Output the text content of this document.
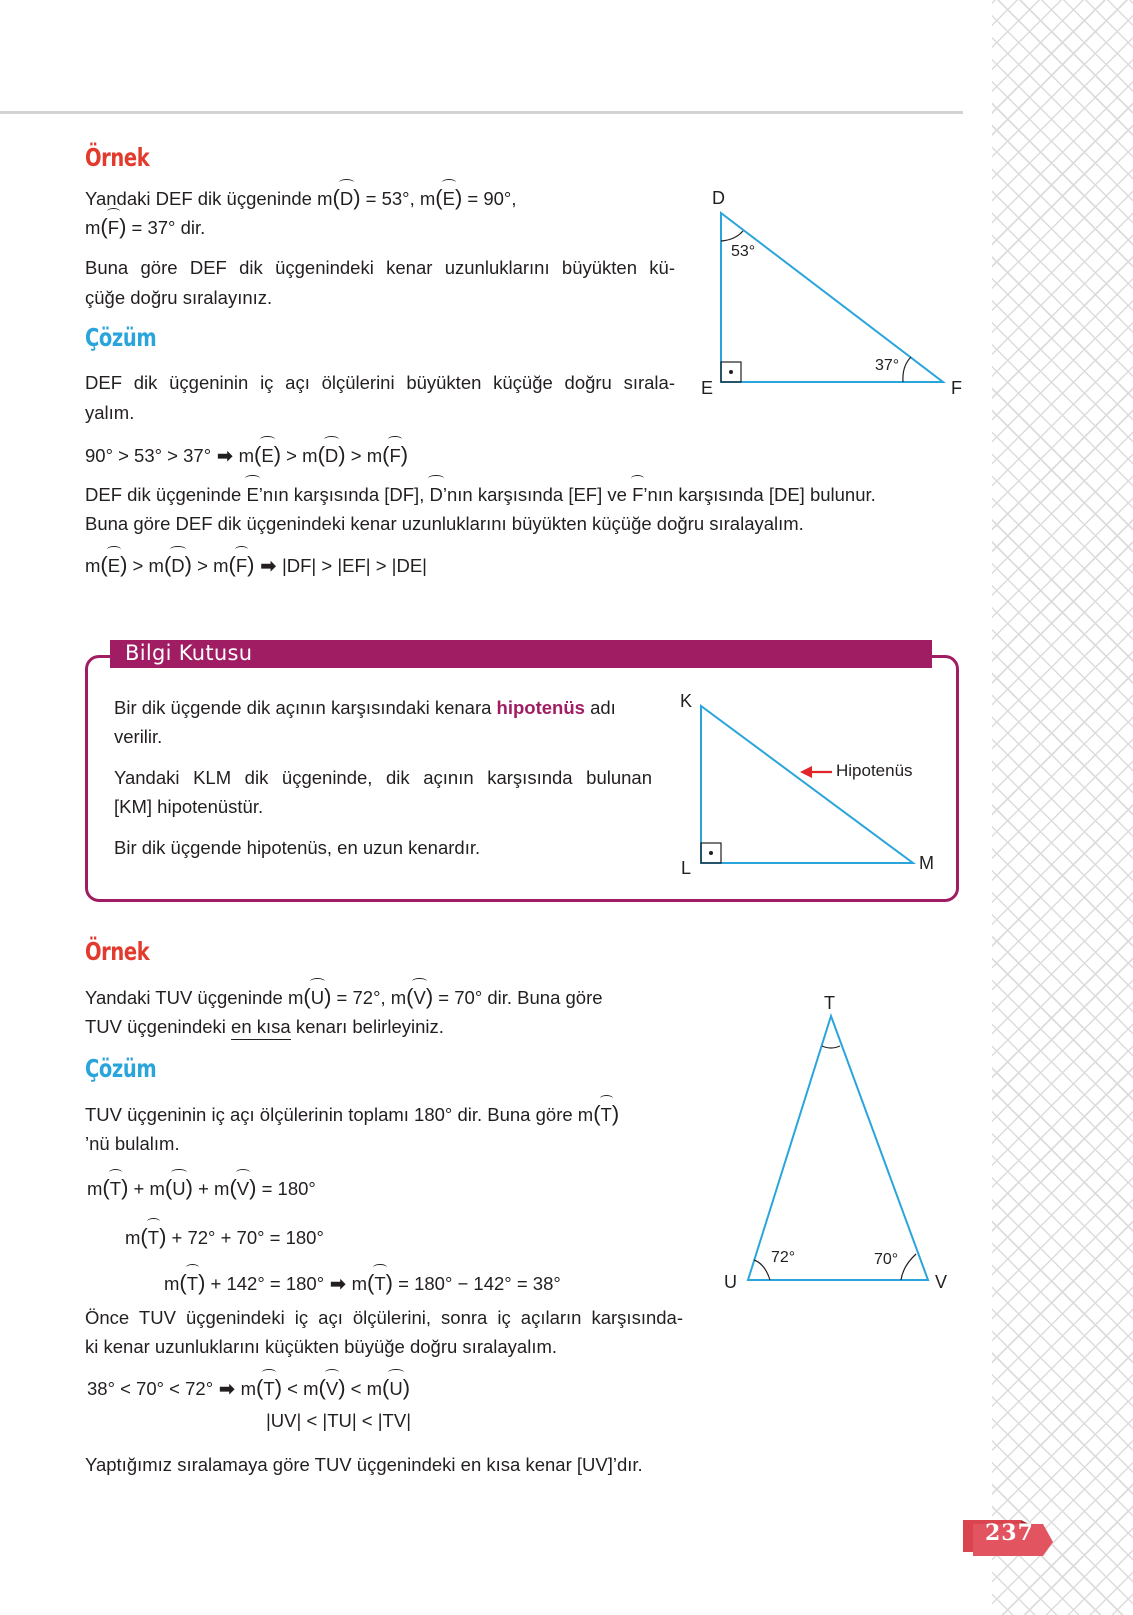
Örnek
Yandaki DEF dik üçgeninde m(D) = 53°, m(E) = 90°,
m(F) = 37° dir.
Buna göre DEF dik üçgenindeki kenar uzunluklarını büyükten kü-
çüğe doğru sıralayınız.
Çözüm
DEF dik üçgeninin iç açı ölçülerini büyükten küçüğe doğru sırala-
yalım.
90° > 53° > 37° ➡ m(E) > m(D) > m(F)
DEF dik üçgeninde E’nın karşısında [DF], D’nın karşısında [EF] ve F’nın karşısında [DE] bulunur.
Buna göre DEF dik üçgenindeki kenar uzunluklarını büyükten küçüğe doğru sıralayalım.
m(E) > m(D) > m(F) ➡ |DF| > |EF| > |DE|
D
E	F
53°
37°
Bilgi Kutusu
Bir dik üçgende dik açının karşısındaki kenara hipotenüs adı
verilir.
Yandaki KLM dik üçgeninde, dik açının karşısında bulunan
[KM] hipotenüstür.
Bir dik üçgende hipotenüs, en uzun kenardır.
K
L	M
Hipotenüs
Örnek
Yandaki TUV üçgeninde m(U) = 72°, m(V) = 70° dir. Buna göre
TUV üçgenindeki en kısa kenarı belirleyiniz.
Çözüm
TUV üçgeninin iç açı ölçülerinin toplamı 180° dir. Buna göre m(T)
’nü bulalım.
m(T) + m(U) + m(V) = 180°
m(T) + 72° + 70° = 180°
m(T) + 142° = 180° ➡ m(T) = 180° − 142° = 38°
Önce TUV üçgenindeki iç açı ölçülerini, sonra iç açıların karşısında-
ki kenar uzunluklarını küçükten büyüğe doğru sıralayalım.
38° < 70° < 72° ➡ m(T) < m(V) < m(U)
|UV| < |TU| < |TV|
Yaptığımız sıralamaya göre TUV üçgenindeki en kısa kenar [UV]’dır.
T
U	V
72°	70°
237
